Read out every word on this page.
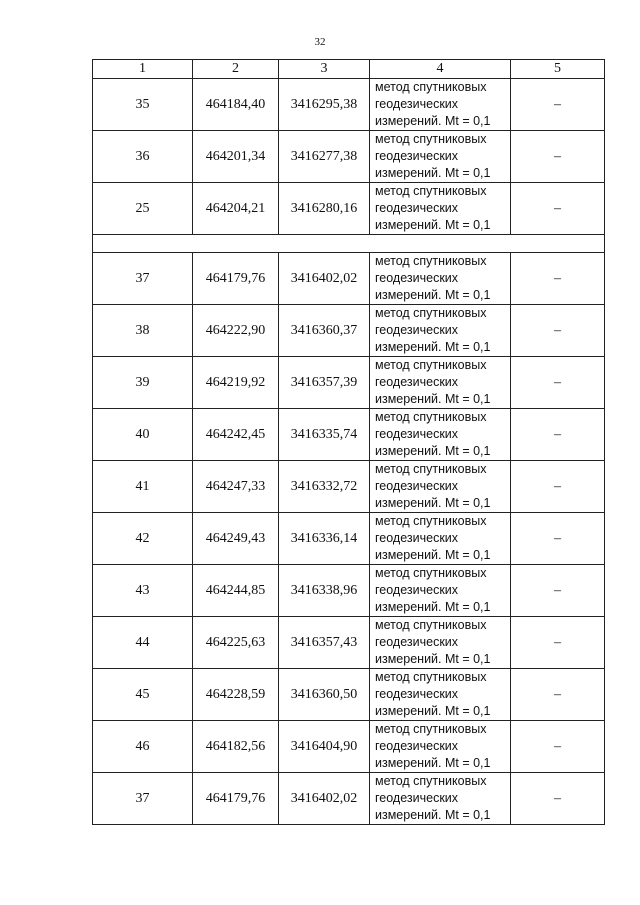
32
1	2	3	4	5
35	464184,40	3416295,38	метод спутниковых
геодезических
измерений. Mt = 0,1	–
36	464201,34	3416277,38	метод спутниковых
геодезических
измерений. Mt = 0,1	–
25	464204,21	3416280,16	метод спутниковых
геодезических
измерений. Mt = 0,1	–

37	464179,76	3416402,02	метод спутниковых
геодезических
измерений. Mt = 0,1	–
38	464222,90	3416360,37	метод спутниковых
геодезических
измерений. Mt = 0,1	–
39	464219,92	3416357,39	метод спутниковых
геодезических
измерений. Mt = 0,1	–
40	464242,45	3416335,74	метод спутниковых
геодезических
измерений. Mt = 0,1	–
41	464247,33	3416332,72	метод спутниковых
геодезических
измерений. Mt = 0,1	–
42	464249,43	3416336,14	метод спутниковых
геодезических
измерений. Mt = 0,1	–
43	464244,85	3416338,96	метод спутниковых
геодезических
измерений. Mt = 0,1	–
44	464225,63	3416357,43	метод спутниковых
геодезических
измерений. Mt = 0,1	–
45	464228,59	3416360,50	метод спутниковых
геодезических
измерений. Mt = 0,1	–
46	464182,56	3416404,90	метод спутниковых
геодезических
измерений. Mt = 0,1	–
37	464179,76	3416402,02	метод спутниковых
геодезических
измерений. Mt = 0,1	–
